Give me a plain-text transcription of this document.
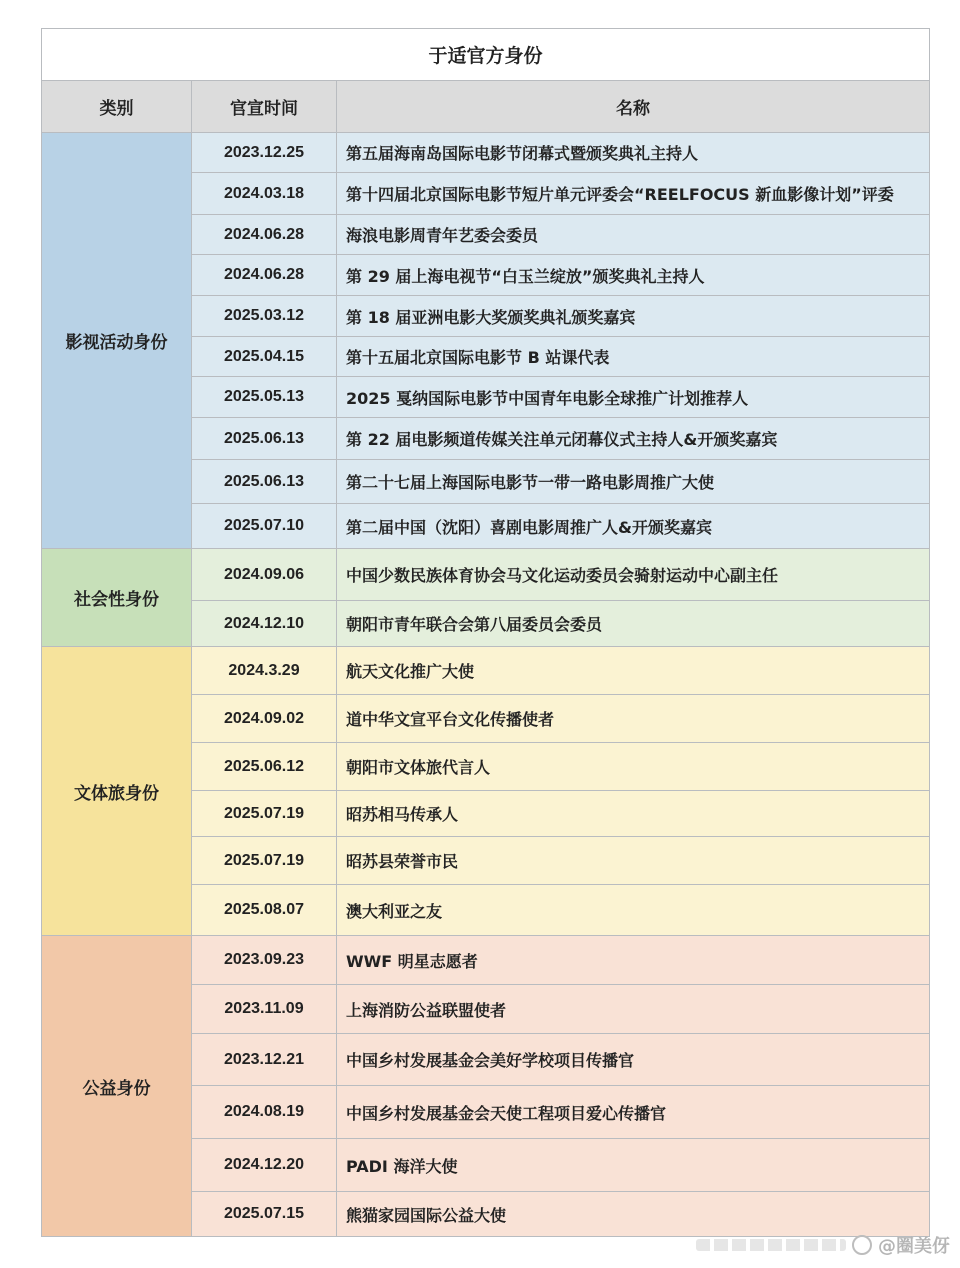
于适官方身份		
类别	官宣时间	名称
影视活动身份	2023.12.25	第五届海南岛国际电影节闭幕式暨颁奖典礼主持人
	2024.03.18	第十四届北京国际电影节短片单元评委会“REELFOCUS 新血影像计划”评委
	2024.06.28	海浪电影周青年艺委会委员
	2024.06.28	第 29 届上海电视节“白玉兰绽放”颁奖典礼主持人
	2025.03.12	第 18 届亚洲电影大奖颁奖典礼颁奖嘉宾
	2025.04.15	第十五届北京国际电影节 B 站课代表
	2025.05.13	2025 戛纳国际电影节中国青年电影全球推广计划推荐人
	2025.06.13	第 22 届电影频道传媒关注单元闭幕仪式主持人&开颁奖嘉宾
	2025.06.13	第二十七届上海国际电影节一带一路电影周推广大使
	2025.07.10	第二届中国（沈阳）喜剧电影周推广人&开颁奖嘉宾
社会性身份	2024.09.06	中国少数民族体育协会马文化运动委员会骑射运动中心副主任
	2024.12.10	朝阳市青年联合会第八届委员会委员
文体旅身份	2024.3.29	航天文化推广大使
	2024.09.02	道中华文宣平台文化传播使者
	2025.06.12	朝阳市文体旅代言人
	2025.07.19	昭苏相马传承人
	2025.07.19	昭苏县荣誉市民
	2025.08.07	澳大利亚之友
公益身份	2023.09.23	WWF 明星志愿者
	2023.11.09	上海消防公益联盟使者
	2023.12.21	中国乡村发展基金会美好学校项目传播官
	2024.08.19	中国乡村发展基金会天使工程项目爱心传播官
	2024.12.20	PADI 海洋大使
	2025.07.15	熊猫家园国际公益大使
@圈美伢
